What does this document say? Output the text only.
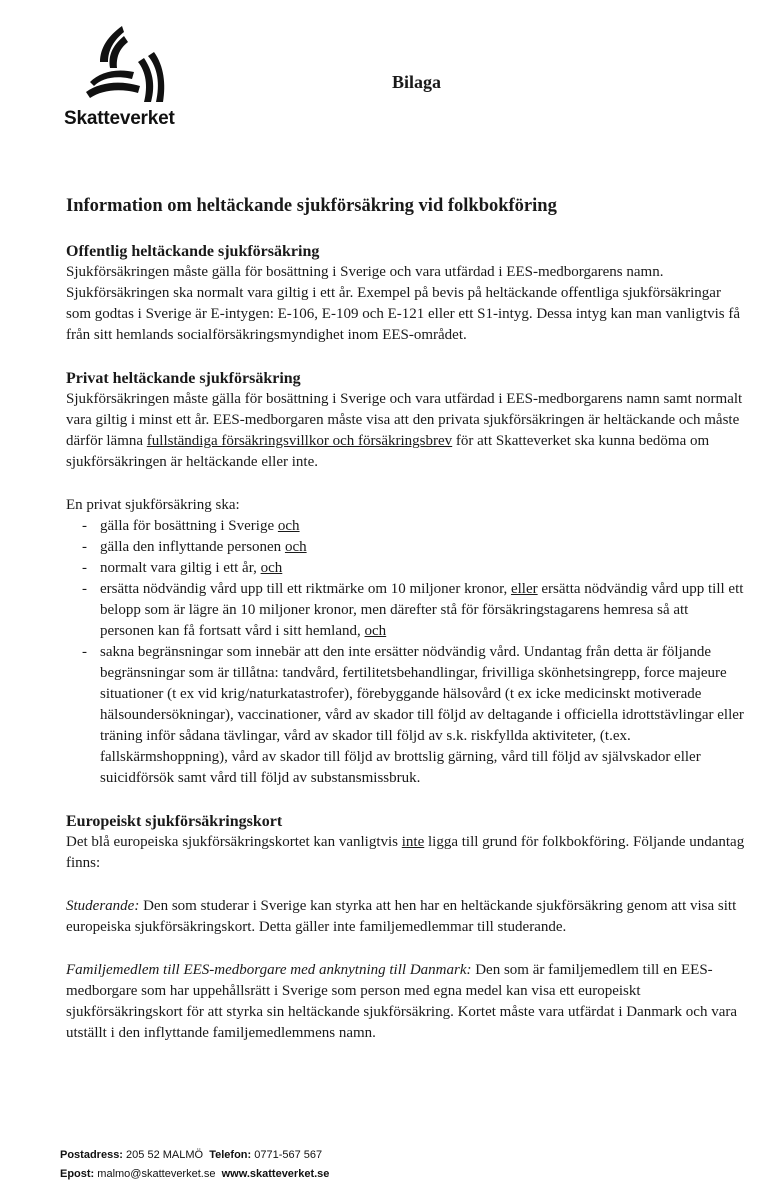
Skatteverket
Bilaga
Information om heltäckande sjukförsäkring vid folkbokföring
Offentlig heltäckande sjukförsäkring

Sjukförsäkringen måste gälla för bosättning i Sverige och vara utfärdad i EES-medborgarens namn. Sjukförsäkringen ska normalt vara giltig i ett år. Exempel på bevis på heltäckande offentliga sjukförsäkringar som godtas i Sverige är E-intygen: E-106, E-109 och E-121 eller ett S1-intyg. Dessa intyg kan man vanligtvis få från sitt hemlands socialförsäkringsmyndighet inom EES-området.

Privat heltäckande sjukförsäkring

Sjukförsäkringen måste gälla för bosättning i Sverige och vara utfärdad i EES-medborgarens namn samt normalt vara giltig i minst ett år. EES-medborgaren måste visa att den privata sjukförsäkringen är heltäckande och måste därför lämna fullständiga försäkringsvillkor och försäkringsbrev för att Skatteverket ska kunna bedöma om sjukförsäkringen är heltäckande eller inte.

En privat sjukförsäkring ska:

- gälla för bosättning i Sverige och
- gälla den inflyttande personen och
- normalt vara giltig i ett år, och
- ersätta nödvändig vård upp till ett riktmärke om 10 miljoner kronor, eller ersätta nödvändig vård upp till ett belopp som är lägre än 10 miljoner kronor, men därefter stå för försäkringstagarens hemresa så att personen kan få fortsatt vård i sitt hemland, och
- sakna begränsningar som innebär att den inte ersätter nödvändig vård. Undantag från detta är följande begränsningar som är tillåtna: tandvård, fertilitetsbehandlingar, frivilliga skönhetsingrepp, force majeure situationer (t ex vid krig/naturkatastrofer), förebyggande hälsovård (t ex icke medicinskt motiverade hälsoundersökningar), vaccinationer, vård av skador till följd av deltagande i officiella idrottstävlingar eller träning inför sådana tävlingar, vård av skador till följd av s.k. riskfyllda aktiviteter, (t.ex. fallskärmshoppning), vård av skador till följd av brottslig gärning, vård till följd av självskador eller suicidförsök samt vård till följd av substansmissbruk.
Europeiskt sjukförsäkringskort

Det blå europeiska sjukförsäkringskortet kan vanligtvis inte ligga till grund för folkbokföring. Följande undantag finns:

Studerande: Den som studerar i Sverige kan styrka att hen har en heltäckande sjukförsäkring genom att visa sitt europeiska sjukförsäkringskort. Detta gäller inte familjemedlemmar till studerande.

Familjemedlem till EES-medborgare med anknytning till Danmark: Den som är familjemedlem till en EES-medborgare som har uppehållsrätt i Sverige som person med egna medel kan visa ett europeiskt sjukförsäkringskort för att styrka sin heltäckande sjukförsäkring. Kortet måste vara utfärdat i Danmark och vara utställt i den inflyttande familjemedlemmens namn.

Postadress: 205 52 MALMÖ Telefon: 0771-567 567
Epost: malmo@skatteverket.se www.skatteverket.se
